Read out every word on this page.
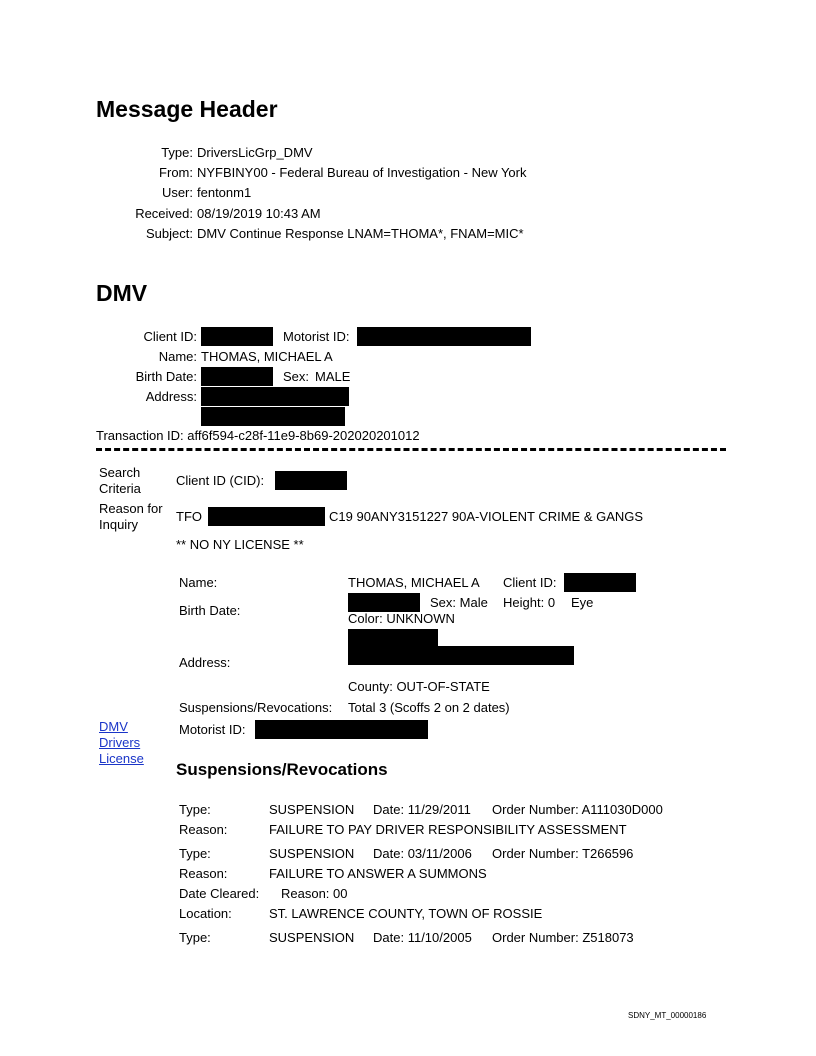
Message Header
Type: DriversLicGrp_DMV
From: NYFBINY00 - Federal Bureau of Investigation - New York
User: fentonm1
Received: 08/19/2019 10:43 AM
Subject: DMV Continue Response LNAM=THOMA*, FNAM=MIC*
DMV
Client ID:	Motorist ID:
Name: THOMAS, MICHAEL A
Birth Date:	Sex: MALE
Address:
Transaction ID: aff6f594-c28f-11e9-8b69-202020201012
Search
Criteria
Client ID (CID):
Reason for
Inquiry
TFO	C19 90ANY3151227 90A-VIOLENT CRIME & GANGS
** NO NY LICENSE **
Name:	THOMAS, MICHAEL A Client ID:
Birth Date:
Sex: Male Height: 0 Eye
Color: UNKNOWN
Address:
County: OUT-OF-STATE
Suspensions/Revocations: Total 3 (Scoffs 2 on 2 dates)
Motorist ID:
DMV
Drivers
License
Suspensions/Revocations
Type:	SUSPENSION Date: 11/29/2011 Order Number: A111030D000
Reason:	FAILURE TO PAY DRIVER RESPONSIBILITY ASSESSMENT
Type:	SUSPENSION Date: 03/11/2006 Order Number: T266596
Reason:	FAILURE TO ANSWER A SUMMONS
Date Cleared: Reason: 00
Location:	ST. LAWRENCE COUNTY, TOWN OF ROSSIE
Type:	SUSPENSION Date: 11/10/2005 Order Number: Z518073
SDNY_MT_00000186
